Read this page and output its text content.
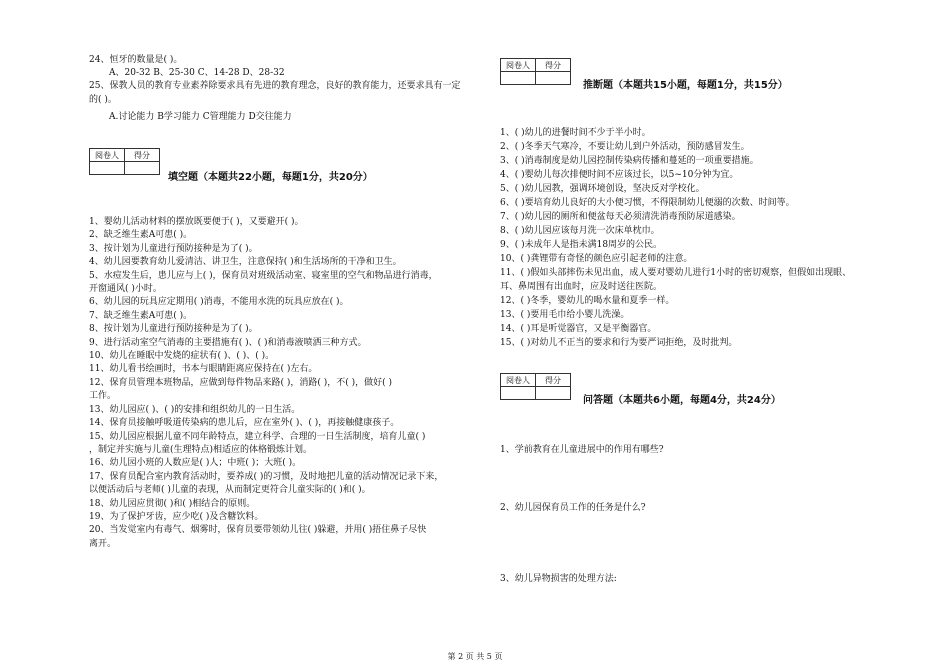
24、恒牙的数量是( )。
A、20-32 B、25-30 C、14-28 D、28-32
25、保教人员的教育专业素养除要求具有先进的教育理念，良好的教育能力，还要求具有一定
的( )。
A.讨论能力 B学习能力 C管理能力 D交往能力
阅卷人	得分

填空题（本题共22小题，每题1分，共20分）
1、婴幼儿活动材料的摆放既要便于( )，又要避开( )。
2、缺乏维生素A可患( )。
3、按计划为儿童进行预防接种是为了( )。
4、幼儿园要教育幼儿爱清洁、讲卫生，注意保持( )和生活场所的干净和卫生。
5、水痘发生后，患儿应与上( )，保育员对班级活动室、寝室里的空气和物品进行消毒，
开窗通风( )小时。
6、幼儿园的玩具应定期用( )消毒，不能用水洗的玩具应放在( )。
7、缺乏维生素A可患( )。
8、按计划为儿童进行预防接种是为了( )。
9、进行活动室空气消毒的主要措施有( )、( )和消毒液喷洒三种方式。
10、幼儿在睡眠中发烧的症状有( )、( )、( )。
11、幼儿看书绘画时，书本与眼睛距离应保持在( )左右。
12、保育员管理本班物品，应做到每件物品来路( )，消路( )，不( )，做好( )
工作。
13、幼儿园应( )、( )的安排和组织幼儿的一日生活。
14、保育员接触呼吸道传染病的患儿后，应在室外( )、( )，再接触健康孩子。
15、幼儿园应根据儿童不同年龄特点，建立科学、合理的一日生活制度，培育儿童( )
，制定并实施与儿童(生理特点)相适应的体格锻炼计划。
16、幼儿园小班的人数应是( )人；中班( )；大班( )。
17、保育员配合室内教育活动时，要养成( )的习惯，及时地把儿童的活动情况记录下来，
以便活动后与老师( )儿童的表现，从而制定更符合儿童实际的( )和( )。
18、幼儿园应贯彻( )和( )相结合的原则。
19、为了保护牙齿，应少吃( )及含糖饮料。
20、当发觉室内有毒气、烟雾时，保育员要带领幼儿往( )躲避，并用( )捂住鼻子尽快
离开。
阅卷人	得分

推断题（本题共15小题，每题1分，共15分）
1、( )幼儿的进餐时间不少于半小时。
2、( )冬季天气寒冷，不要让幼儿到户外活动，预防感冒发生。
3、( )消毒制度是幼儿园控制传染病传播和蔓延的一项重要措施。
4、( )婴幼儿每次排便时间不应该过长，以5~10分钟为宜。
5、( )幼儿园教，强调环境创设，坚决反对学校化。
6、( )要培育幼儿良好的大小便习惯，不得限制幼儿便溺的次数、时间等。
7、( )幼儿园的厕所和便盆每天必须清洗消毒预防尿道感染。
8、( )幼儿园应该每月洗一次床单枕巾。
9、( )未成年人是指未满18周岁的公民。
10、( )龚锂带有奇怪的颜色应引起老师的注意。
11、( )假如头部摔伤未见出血，成人要对婴幼儿进行1小时的密切观察，但假如出现眼、
耳、鼻周围有出血时，应及时送往医院。
12、( )冬季，婴幼儿的喝水量和夏季一样。
13、( )要用毛巾给小婴儿洗澡。
14、( )耳是听觉器官，又是平衡器官。
15、( )对幼儿不正当的要求和行为要严词拒绝，及时批判。
阅卷人	得分

问答题（本题共6小题，每题4分，共24分）
1、学前教育在儿童进展中的作用有哪些?
2、幼儿园保育员工作的任务是什么?
3、幼儿异物损害的处理方法:
第 2 页 共 5 页
